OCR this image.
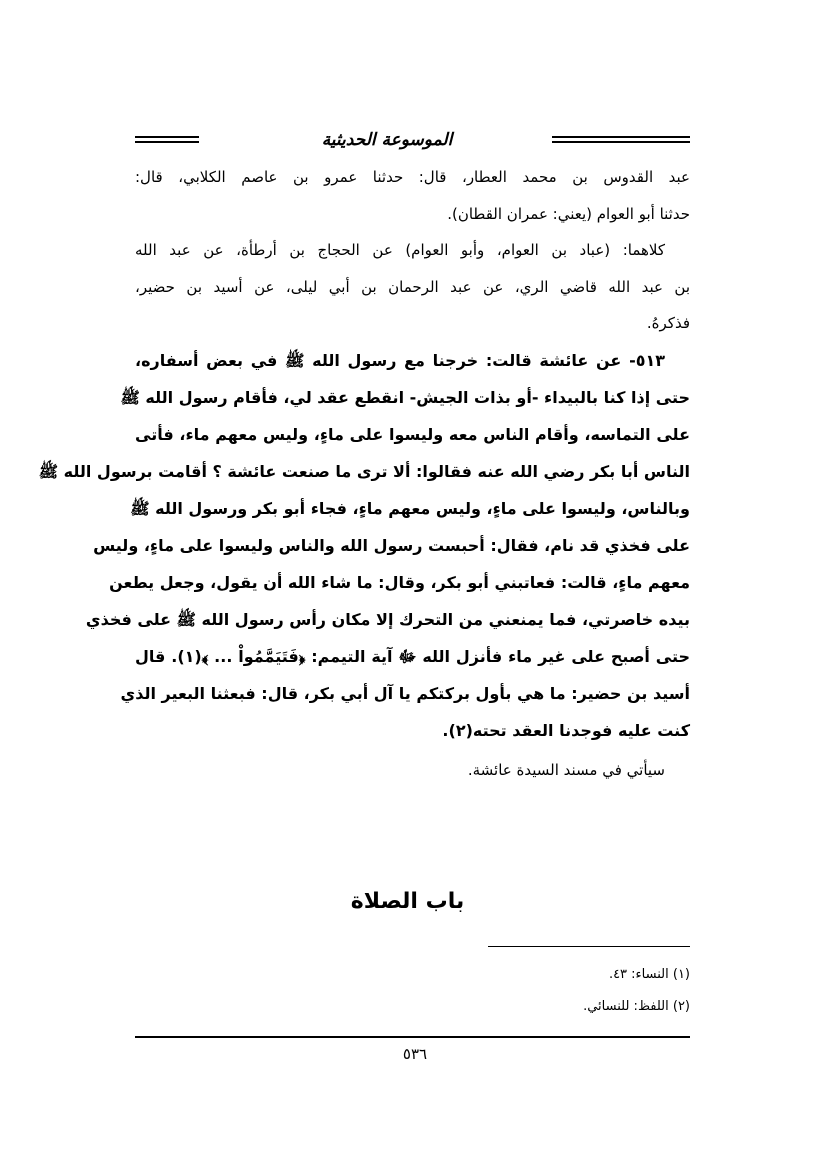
الموسوعة الحديثية
عبد القدوس بن محمد العطار، قال: حدثنا عمرو بن عاصم الكلابي، قال:
حدثنا أبو العوام (يعني: عمران القطان).
كلاهما: (عباد بن العوام، وأبو العوام) عن الحجاج بن أرطأة، عن عبد الله
بن عبد الله قاضي الري، عن عبد الرحمان بن أبي ليلى، عن أسيد بن حضير،
فذكرهُ.
٥١٣- عن عائشة قالت: خرجنا مع رسول الله ﷺ في بعض أسفاره،
حتى إذا كنا بالبيداء -أو بذات الجيش- انقطع عقد لي، فأقام رسول الله ﷺ
على التماسه، وأقام الناس معه وليسوا على ماءٍ، وليس معهم ماء، فأتى
الناس أبا بكر رضي الله عنه فقالوا: ألا ترى ما صنعت عائشة ؟ أقامت برسول الله ﷺ
وبالناس، وليسوا على ماءٍ، وليس معهم ماءٍ، فجاء أبو بكر ورسول الله ﷺ
على فخذي قد نام، فقال: أحبست رسول الله والناس وليسوا على ماءٍ، وليس
معهم ماءٍ، قالت: فعاتبني أبو بكر، وقال: ما شاء الله أن يقول، وجعل يطعن
بيده خاصرتي، فما يمنعني من التحرك إلا مكان رأس رسول الله ﷺ على فخذي
حتى أصبح على غير ماء فأنزل الله ﷻ آية التيمم: ﴿فَتَيَمَّمُواْ ... ﴾(١). قال
أسيد بن حضير: ما هي بأول بركتكم يا آل أبي بكر، قال: فبعثنا البعير الذي
كنت عليه فوجدنا العقد تحته(٢).
سيأتي في مسند السيدة عائشة.
باب الصلاة
(١) النساء: ٤٣.
(٢) اللفظ: للنسائي.
٥٣٦
